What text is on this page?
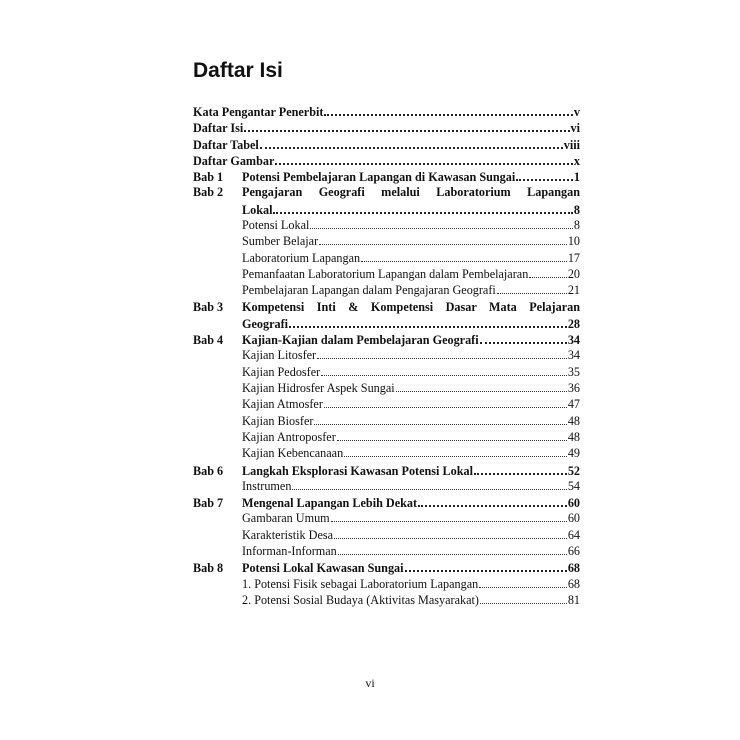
Daftar Isi
Kata Pengantar Penerbit	v
Daftar Isi	vi
Daftar Tabel	viii
Daftar Gambar	x
Bab 1	Potensi Pembelajaran Lapangan di Kawasan Sungai	1
Bab 2	Pengajaran Geografi melalui Laboratorium Lapangan
Lokal	8
Potensi Lokal	8
Sumber Belajar	10
Laboratorium Lapangan	17
Pemanfaatan Laboratorium Lapangan dalam Pembelajaran	20
Pembelajaran Lapangan dalam Pengajaran Geografi	21
Bab 3	Kompetensi Inti & Kompetensi Dasar Mata Pelajaran
Geografi	28
Bab 4	Kajian-Kajian dalam Pembelajaran Geografi	34
Kajian Litosfer	34
Kajian Pedosfer	35
Kajian Hidrosfer Aspek Sungai	36
Kajian Atmosfer	47
Kajian Biosfer	48
Kajian Antroposfer	48
Kajian Kebencanaan	49
Bab 6	Langkah Eksplorasi Kawasan Potensi Lokal	52
Instrumen	54
Bab 7	Mengenal Lapangan Lebih Dekat	60
Gambaran Umum	60
Karakteristik Desa	64
Informan-Informan	66
Bab 8	Potensi Lokal Kawasan Sungai	68
1. Potensi Fisik sebagai Laboratorium Lapangan	68
2. Potensi Sosial Budaya (Aktivitas Masyarakat)	81
vi
